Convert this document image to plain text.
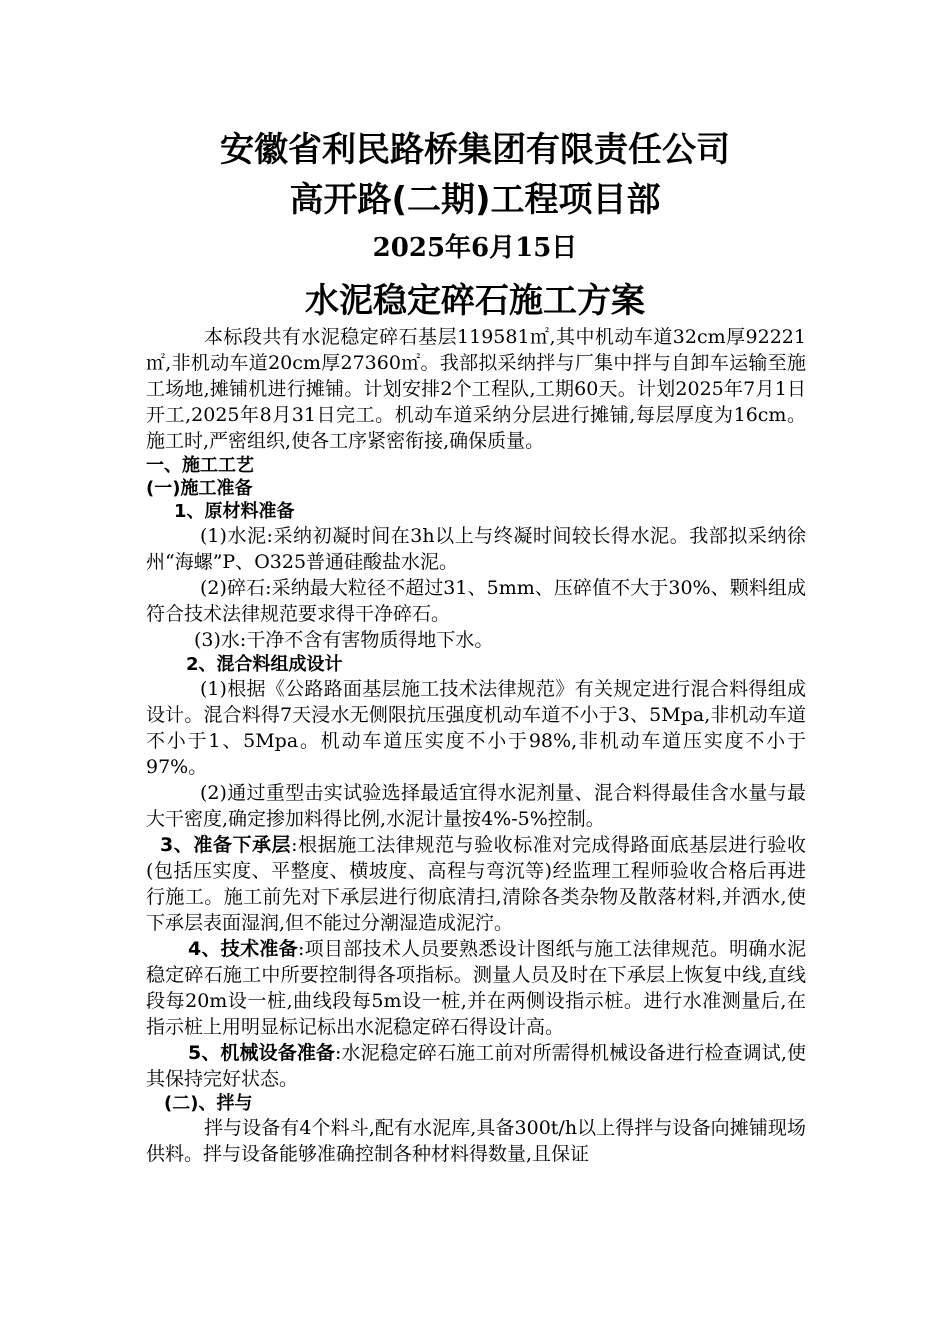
安徽省利民路桥集团有限责任公司
高开路(二期)工程项目部
2025年6月15日
水泥稳定碎石施工方案

本标段共有水泥稳定碎石基层119581㎡,其中机动车道32cm厚92221㎡,非机动车道20cm厚27360㎡。我部拟采纳拌与厂集中拌与自卸车运输至施工场地,摊铺机进行摊铺。计划安排2个工程队,工期60天。计划2025年7月1日开工,2025年8月31日完工。机动车道采纳分层进行摊铺,每层厚度为16cm。施工时,严密组织,使各工序紧密衔接,确保质量。

一、施工工艺

(一)施工准备

1、原材料准备

(1)水泥:采纳初凝时间在3h以上与终凝时间较长得水泥。我部拟采纳徐州“海螺”P、O325普通硅酸盐水泥。

(2)碎石:采纳最大粒径不超过31、5mm、压碎值不大于30%、颗料组成符合技术法律规范要求得干净碎石。

(3)水:干净不含有害物质得地下水。

2、混合料组成设计

(1)根据《公路路面基层施工技术法律规范》有关规定进行混合料得组成设计。混合料得7天浸水无侧限抗压强度机动车道不小于3、5Mpa,非机动车道不小于1、5Mpa。机动车道压实度不小于98%,非机动车道压实度不小于97%。

(2)通过重型击实试验选择最适宜得水泥剂量、混合料得最佳含水量与最大干密度,确定掺加料得比例,水泥计量按4%-5%控制。

3、准备下承层:根据施工法律规范与验收标准对完成得路面底基层进行验收(包括压实度、平整度、横坡度、高程与弯沉等)经监理工程师验收合格后再进行施工。施工前先对下承层进行彻底清扫,清除各类杂物及散落材料,并洒水,使下承层表面湿润,但不能过分潮湿造成泥泞。

4、技术准备:项目部技术人员要熟悉设计图纸与施工法律规范。明确水泥稳定碎石施工中所要控制得各项指标。测量人员及时在下承层上恢复中线,直线段每20m设一桩,曲线段每5m设一桩,并在两侧设指示桩。进行水准测量后,在指示桩上用明显标记标出水泥稳定碎石得设计高。

5、机械设备准备:水泥稳定碎石施工前对所需得机械设备进行检查调试,使其保持完好状态。

(二)、拌与

拌与设备有4个料斗,配有水泥库,具备300t/h以上得拌与设备向摊铺现场供料。拌与设备能够准确控制各种材料得数量,且保证
